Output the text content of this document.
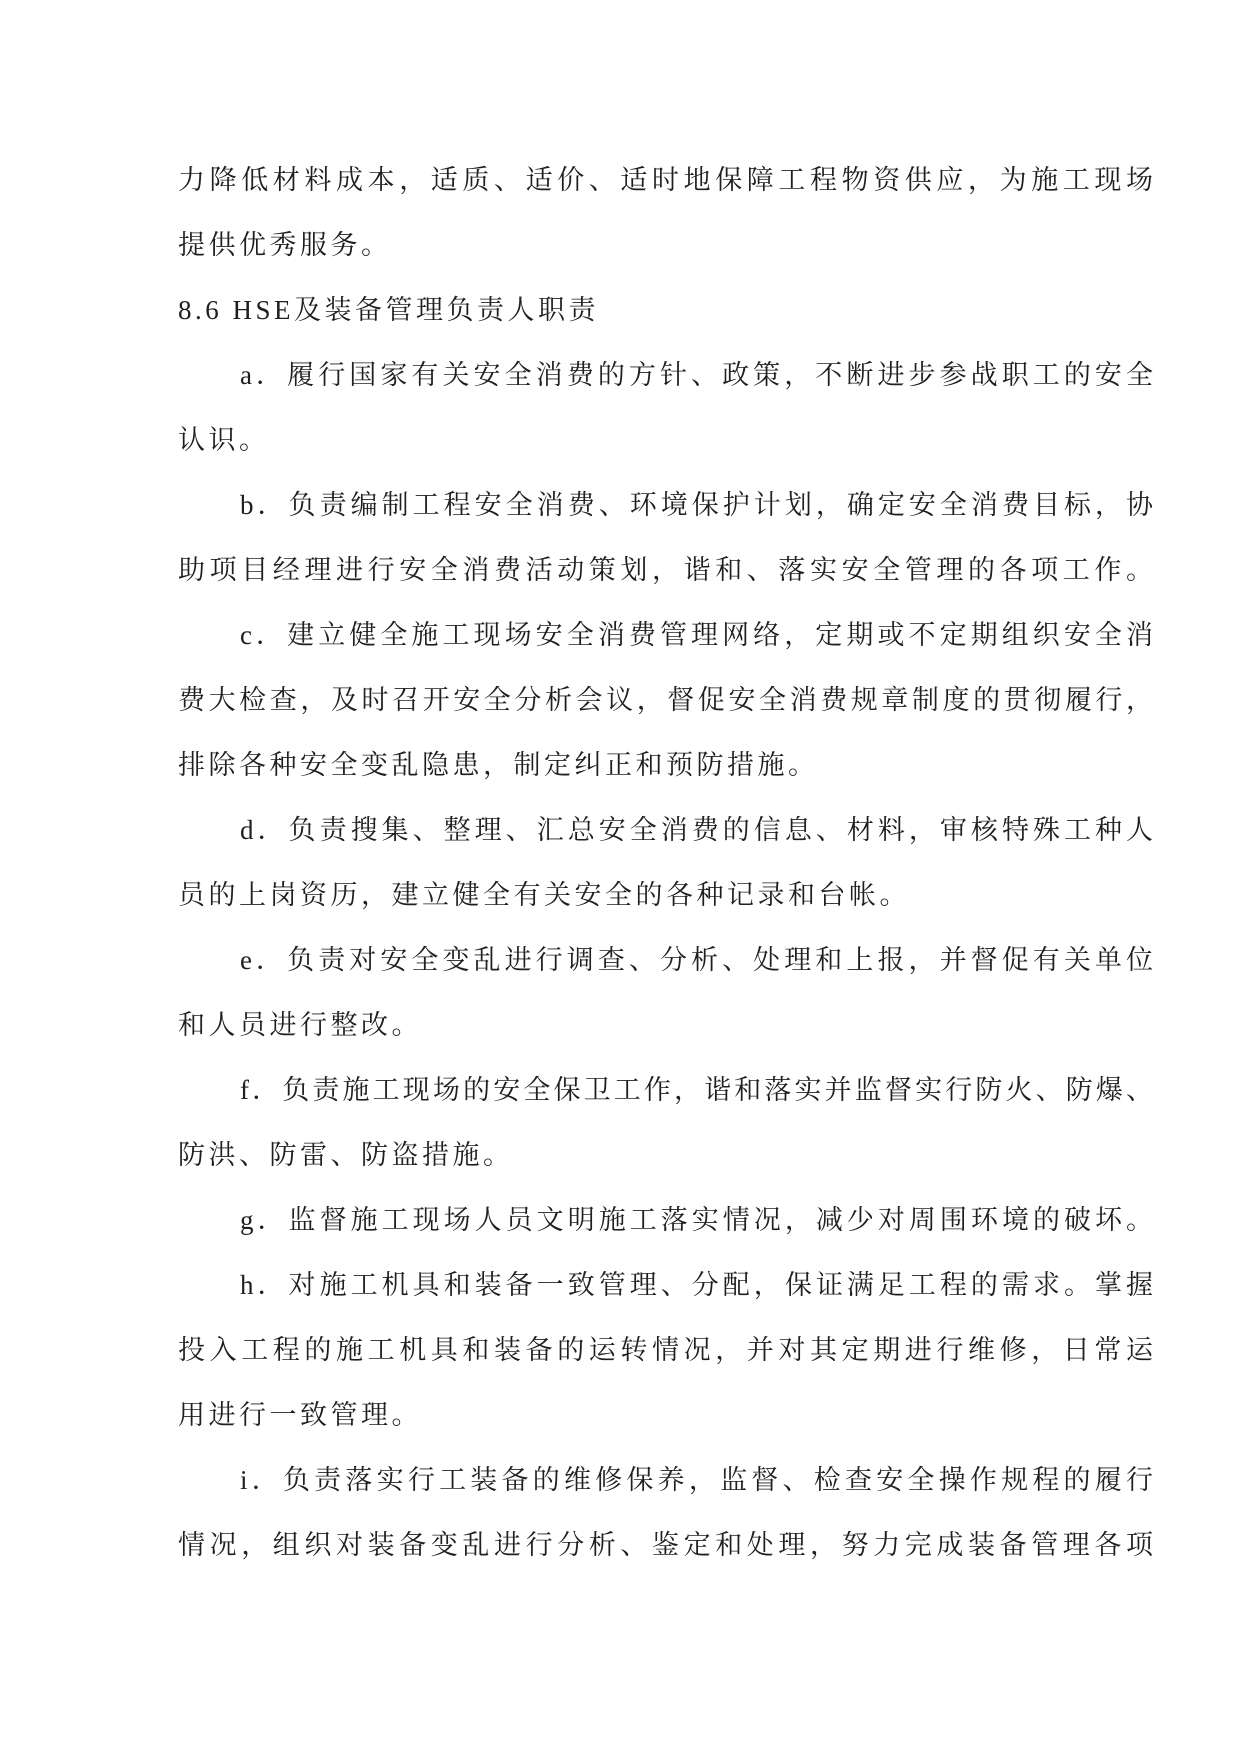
力降低材料成本，适质、适价、适时地保障工程物资供应，为施工现场
提供优秀服务。
8.6 HSE及装备管理负责人职责
a．履行国家有关安全消费的方针、政策，不断进步参战职工的安全
认识。
b．负责编制工程安全消费、环境保护计划，确定安全消费目标，协
助项目经理进行安全消费活动策划，谐和、落实安全管理的各项工作。
c．建立健全施工现场安全消费管理网络，定期或不定期组织安全消
费大检查，及时召开安全分析会议，督促安全消费规章制度的贯彻履行，
排除各种安全变乱隐患，制定纠正和预防措施。
d．负责搜集、整理、汇总安全消费的信息、材料，审核特殊工种人
员的上岗资历，建立健全有关安全的各种记录和台帐。
e．负责对安全变乱进行调查、分析、处理和上报，并督促有关单位
和人员进行整改。
f．负责施工现场的安全保卫工作，谐和落实并监督实行防火、防爆、
防洪、防雷、防盗措施。
g．监督施工现场人员文明施工落实情况，减少对周围环境的破坏。
h．对施工机具和装备一致管理、分配，保证满足工程的需求。掌握
投入工程的施工机具和装备的运转情况，并对其定期进行维修，日常运
用进行一致管理。
i．负责落实行工装备的维修保养，监督、检查安全操作规程的履行
情况，组织对装备变乱进行分析、鉴定和处理，努力完成装备管理各项
